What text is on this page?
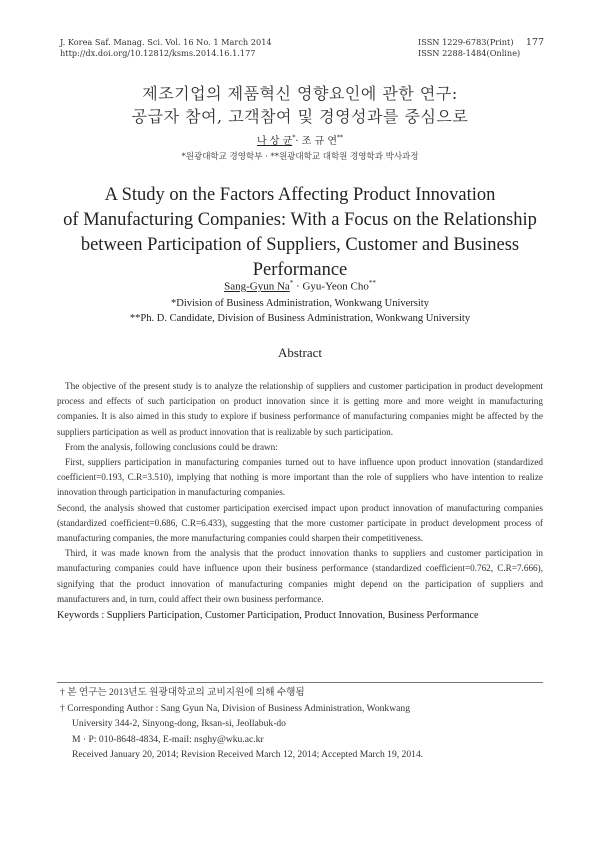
J. Korea Saf. Manag. Sci. Vol. 16 No. 1 March 2014
http://dx.doi.org/10.12812/ksms.2014.16.1.177
ISSN 1229-6783(Print)
ISSN 2288-1484(Online)
177
제조기업의 제품혁신 영향요인에 관한 연구:
공급자 참여, 고객참여 및 경영성과를 중심으로
나 상 균*· 조 규 연**
*원광대학교 경영학부 · **원광대학교 대학원 경영학과 박사과정
A Study on the Factors Affecting Product Innovation
of Manufacturing Companies: With a Focus on the Relationship
between Participation of Suppliers, Customer and Business
Performance
Sang-Gyun Na* · Gyu-Yeon Cho**
*Division of Business Administration, Wonkwang University
**Ph. D. Candidate, Division of Business Administration, Wonkwang University
Abstract

The objective of the present study is to analyze the relationship of suppliers and customer participation in product development process and effects of such participation on product innovation since it is getting more and more weight in manufacturing companies. It is also aimed in this study to explore if business performance of manufacturing companies might be affected by the suppliers participation as well as product innovation that is realizable by such participation.

From the analysis, following conclusions could be drawn:

First, suppliers participation in manufacturing companies turned out to have influence upon product innovation (standardized coefficient=0.193, C.R=3.510), implying that nothing is more important than the role of suppliers who have intention to realize innovation through participation in manufacturing companies.

Second, the analysis showed that customer participation exercised impact upon product innovation of manufacturing companies (standardized coefficient=0.686, C.R=6.433), suggesting that the more customer participate in product development process of manufacturing companies, the more manufacturing companies could sharpen their competitiveness.

Third, it was made known from the analysis that the product innovation thanks to suppliers and customer participation in manufacturing companies could have influence upon their business performance (standardized coefficient=0.762, C.R=7.666), signifying that the product innovation of manufacturing companies might depend on the participation of suppliers and manufacturers and, in turn, could affect their own business performance.

Keywords : Suppliers Participation, Customer Participation, Product Innovation, Business Performance

† 본 연구는 2013년도 원광대학교의 교비지원에 의해 수행됨

† Corresponding Author : Sang Gyun Na, Division of Business Administration, Wonkwang

University 344-2, Sinyong-dong, Iksan-si, Jeollabuk-do

M · P: 010-8648-4834, E-mail: nsghy@wku.ac.kr

Received January 20, 2014; Revision Received March 12, 2014; Accepted March 19, 2014.
